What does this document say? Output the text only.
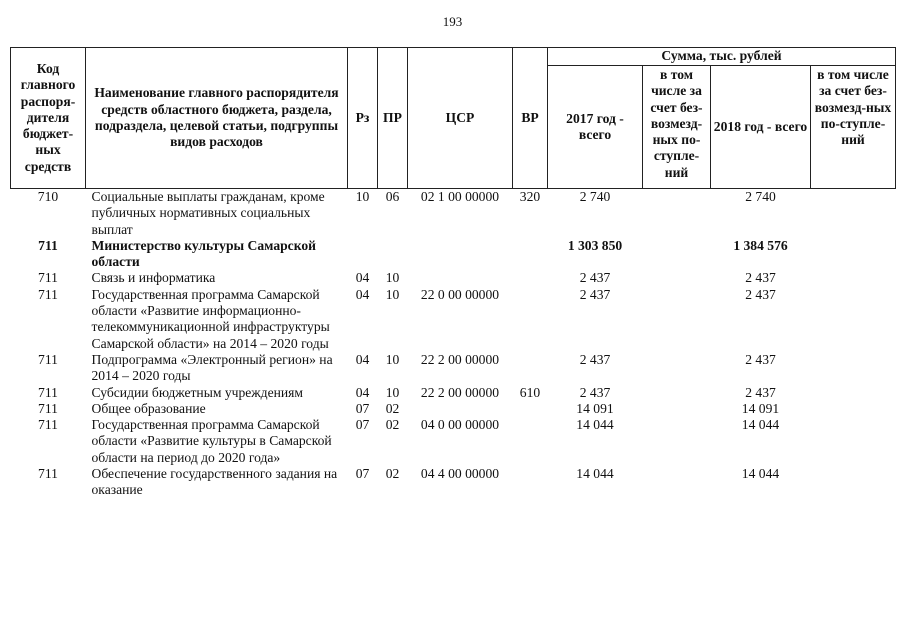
193
Код главного распоря-дителя бюджет-ных средств	Наименование главного распорядителя средств областного бюджета, раздела, подраздела, целевой статьи, подгруппы видов расходов	Рз	ПР	ЦСР	ВР	Сумма, тыс. рублей			
						2017 год - всего	в том числе за счет без-возмезд-ных по-ступле-ний	2018 год - всего	в том числе за счет без-возмезд-ных по-ступле-ний
710	Социальные выплаты гражданам, кроме публичных нормативных социальных выплат	10	06	02 1 00 00000	320	2 740		2 740	
711	Министерство культуры Самарской области					1 303 850		1 384 576	
711	Связь и информатика	04	10			2 437		2 437	
711	Государственная программа Самарской области «Развитие информационно-телекоммуникационной инфраструктуры Самарской области» на 2014 – 2020 годы	04	10	22 0 00 00000		2 437		2 437	
711	Подпрограмма «Электронный регион» на 2014 – 2020 годы	04	10	22 2 00 00000		2 437		2 437	
711	Субсидии бюджетным учреждениям	04	10	22 2 00 00000	610	2 437		2 437	
711	Общее образование	07	02			14 091		14 091	
711	Государственная программа Самарской области «Развитие культуры в Самарской области на период до 2020 года»	07	02	04 0 00 00000		14 044		14 044	
711	Обеспечение государственного задания на оказание	07	02	04 4 00 00000		14 044		14 044	
